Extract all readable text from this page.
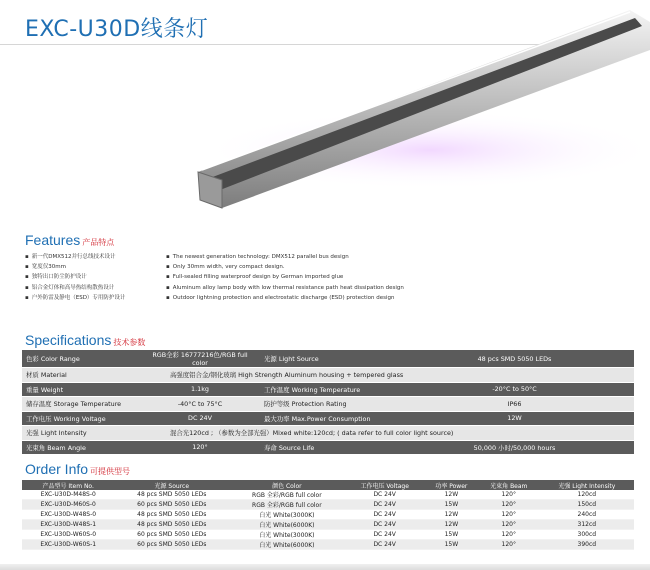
EXC-U30D线条灯
Features 产品特点
▪ 新一代DMX512并行总线技术设计
▪ 宽度仅30mm
▪ 独特出口防尘防护设计
▪ 铝合金灯体和高导热结构散热设计
▪ 户外防雷及静电（ESD）专用防护设计
▪ The newest generation technology: DMX512 parallel bus design
▪ Only 30mm width, very compact design.
▪ Full-sealed filling waterproof design by German imported glue
▪ Aluminum alloy lamp body with low thermal resistance path heat dissipation design
▪ Outdoor lightning protection and electrostatic discharge (ESD) protection design
Specifications 技术参数
色彩 Color Range	RGB全彩 16777216色/RGB full color	光源 Light Source	48 pcs SMD 5050 LEDs
材质 Material	高强度铝合金/钢化玻璃 High Strength Aluminum housing + tempered glass		
重量 Weight	1.1kg	工作温度 Working Temperature	-20°C to 50°C
储存温度 Storage Temperature	-40°C to 75°C	防护等级 Protection Rating	IP66
工作电压 Working Voltage	DC 24V	最大功率 Max.Power Consumption	12W
光强 Light Intensity	混合光120cd ; （参数为全部光强）Mixed white:120cd; ( data refer to full color light source)		
光束角 Beam Angle	120°	寿命 Source Life	50,000 小时/50,000 hours
Order Info 可提供型号
产品型号 Item No.	光源 Source	颜色 Color	工作电压 Voltage	功率 Power	光束角 Beam	光强 Light Intensity
EXC-U30D-M48S-0	48 pcs SMD 5050 LEDs	RGB 全彩/RGB full color	DC 24V	12W	120°	120cd
EXC-U30D-M60S-0	60 pcs SMD 5050 LEDs	RGB 全彩/RGB full color	DC 24V	15W	120°	150cd
EXC-U30D-W48S-0	48 pcs SMD 5050 LEDs	白光 White(3000K)	DC 24V	12W	120°	240cd
EXC-U30D-W48S-1	48 pcs SMD 5050 LEDs	白光 White(6000K)	DC 24V	12W	120°	312cd
EXC-U30D-W60S-0	60 pcs SMD 5050 LEDs	白光 White(3000K)	DC 24V	15W	120°	300cd
EXC-U30D-W60S-1	60 pcs SMD 5050 LEDs	白光 White(6000K)	DC 24V	15W	120°	390cd
